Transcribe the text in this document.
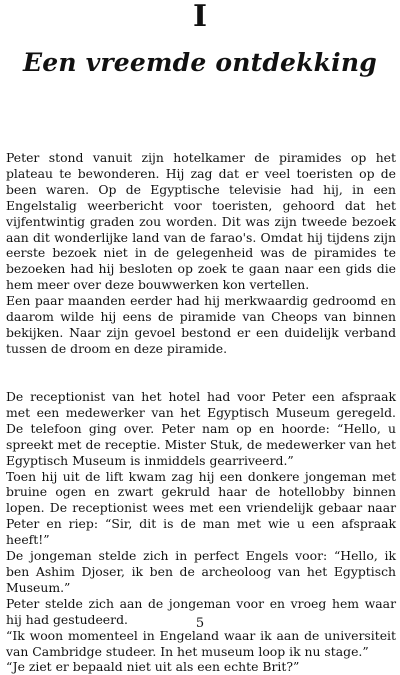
I
Een vreemde ontdekking

Peter stond vanuit zijn hotelkamer de piramides op het plateau te bewonderen. Hij zag dat er veel toeristen op de been waren. Op de Egyptische televisie had hij, in een Engelstalig weerbericht voor toeristen, gehoord dat het vijfentwintig graden zou worden. Dit was zijn tweede bezoek aan dit wonderlijke land van de farao's. Omdat hij tijdens zijn eerste bezoek niet in de gelegenheid was de piramides te bezoeken had hij besloten op zoek te gaan naar een gids die hem meer over deze bouwwerken kon vertellen.

Een paar maanden eerder had hij merkwaardig gedroomd en daarom wilde hij eens de piramide van Cheops van binnen bekijken. Naar zijn gevoel bestond er een duidelijk verband tussen de droom en deze piramide.

De receptionist van het hotel had voor Peter een afspraak met een medewerker van het Egyptisch Museum geregeld. De telefoon ging over. Peter nam op en hoorde: “Hello, u spreekt met de receptie. Mister Stuk, de medewerker van het Egyptisch Museum is inmiddels gearriveerd.”

Toen hij uit de lift kwam zag hij een donkere jongeman met bruine ogen en zwart gekruld haar de hotellobby binnen lopen. De receptionist wees met een vriendelijk gebaar naar Peter en riep: “Sir, dit is de man met wie u een afspraak heeft!”

De jongeman stelde zich in perfect Engels voor: “Hello, ik ben Ashim Djoser, ik ben de archeoloog van het Egyptisch Museum.”

Peter stelde zich aan de jongeman voor en vroeg hem waar hij had gestudeerd.

“Ik woon momenteel in Engeland waar ik aan de universiteit van Cambridge studeer. In het museum loop ik nu stage.”

“Je ziet er bepaald niet uit als een echte Brit?”

5
